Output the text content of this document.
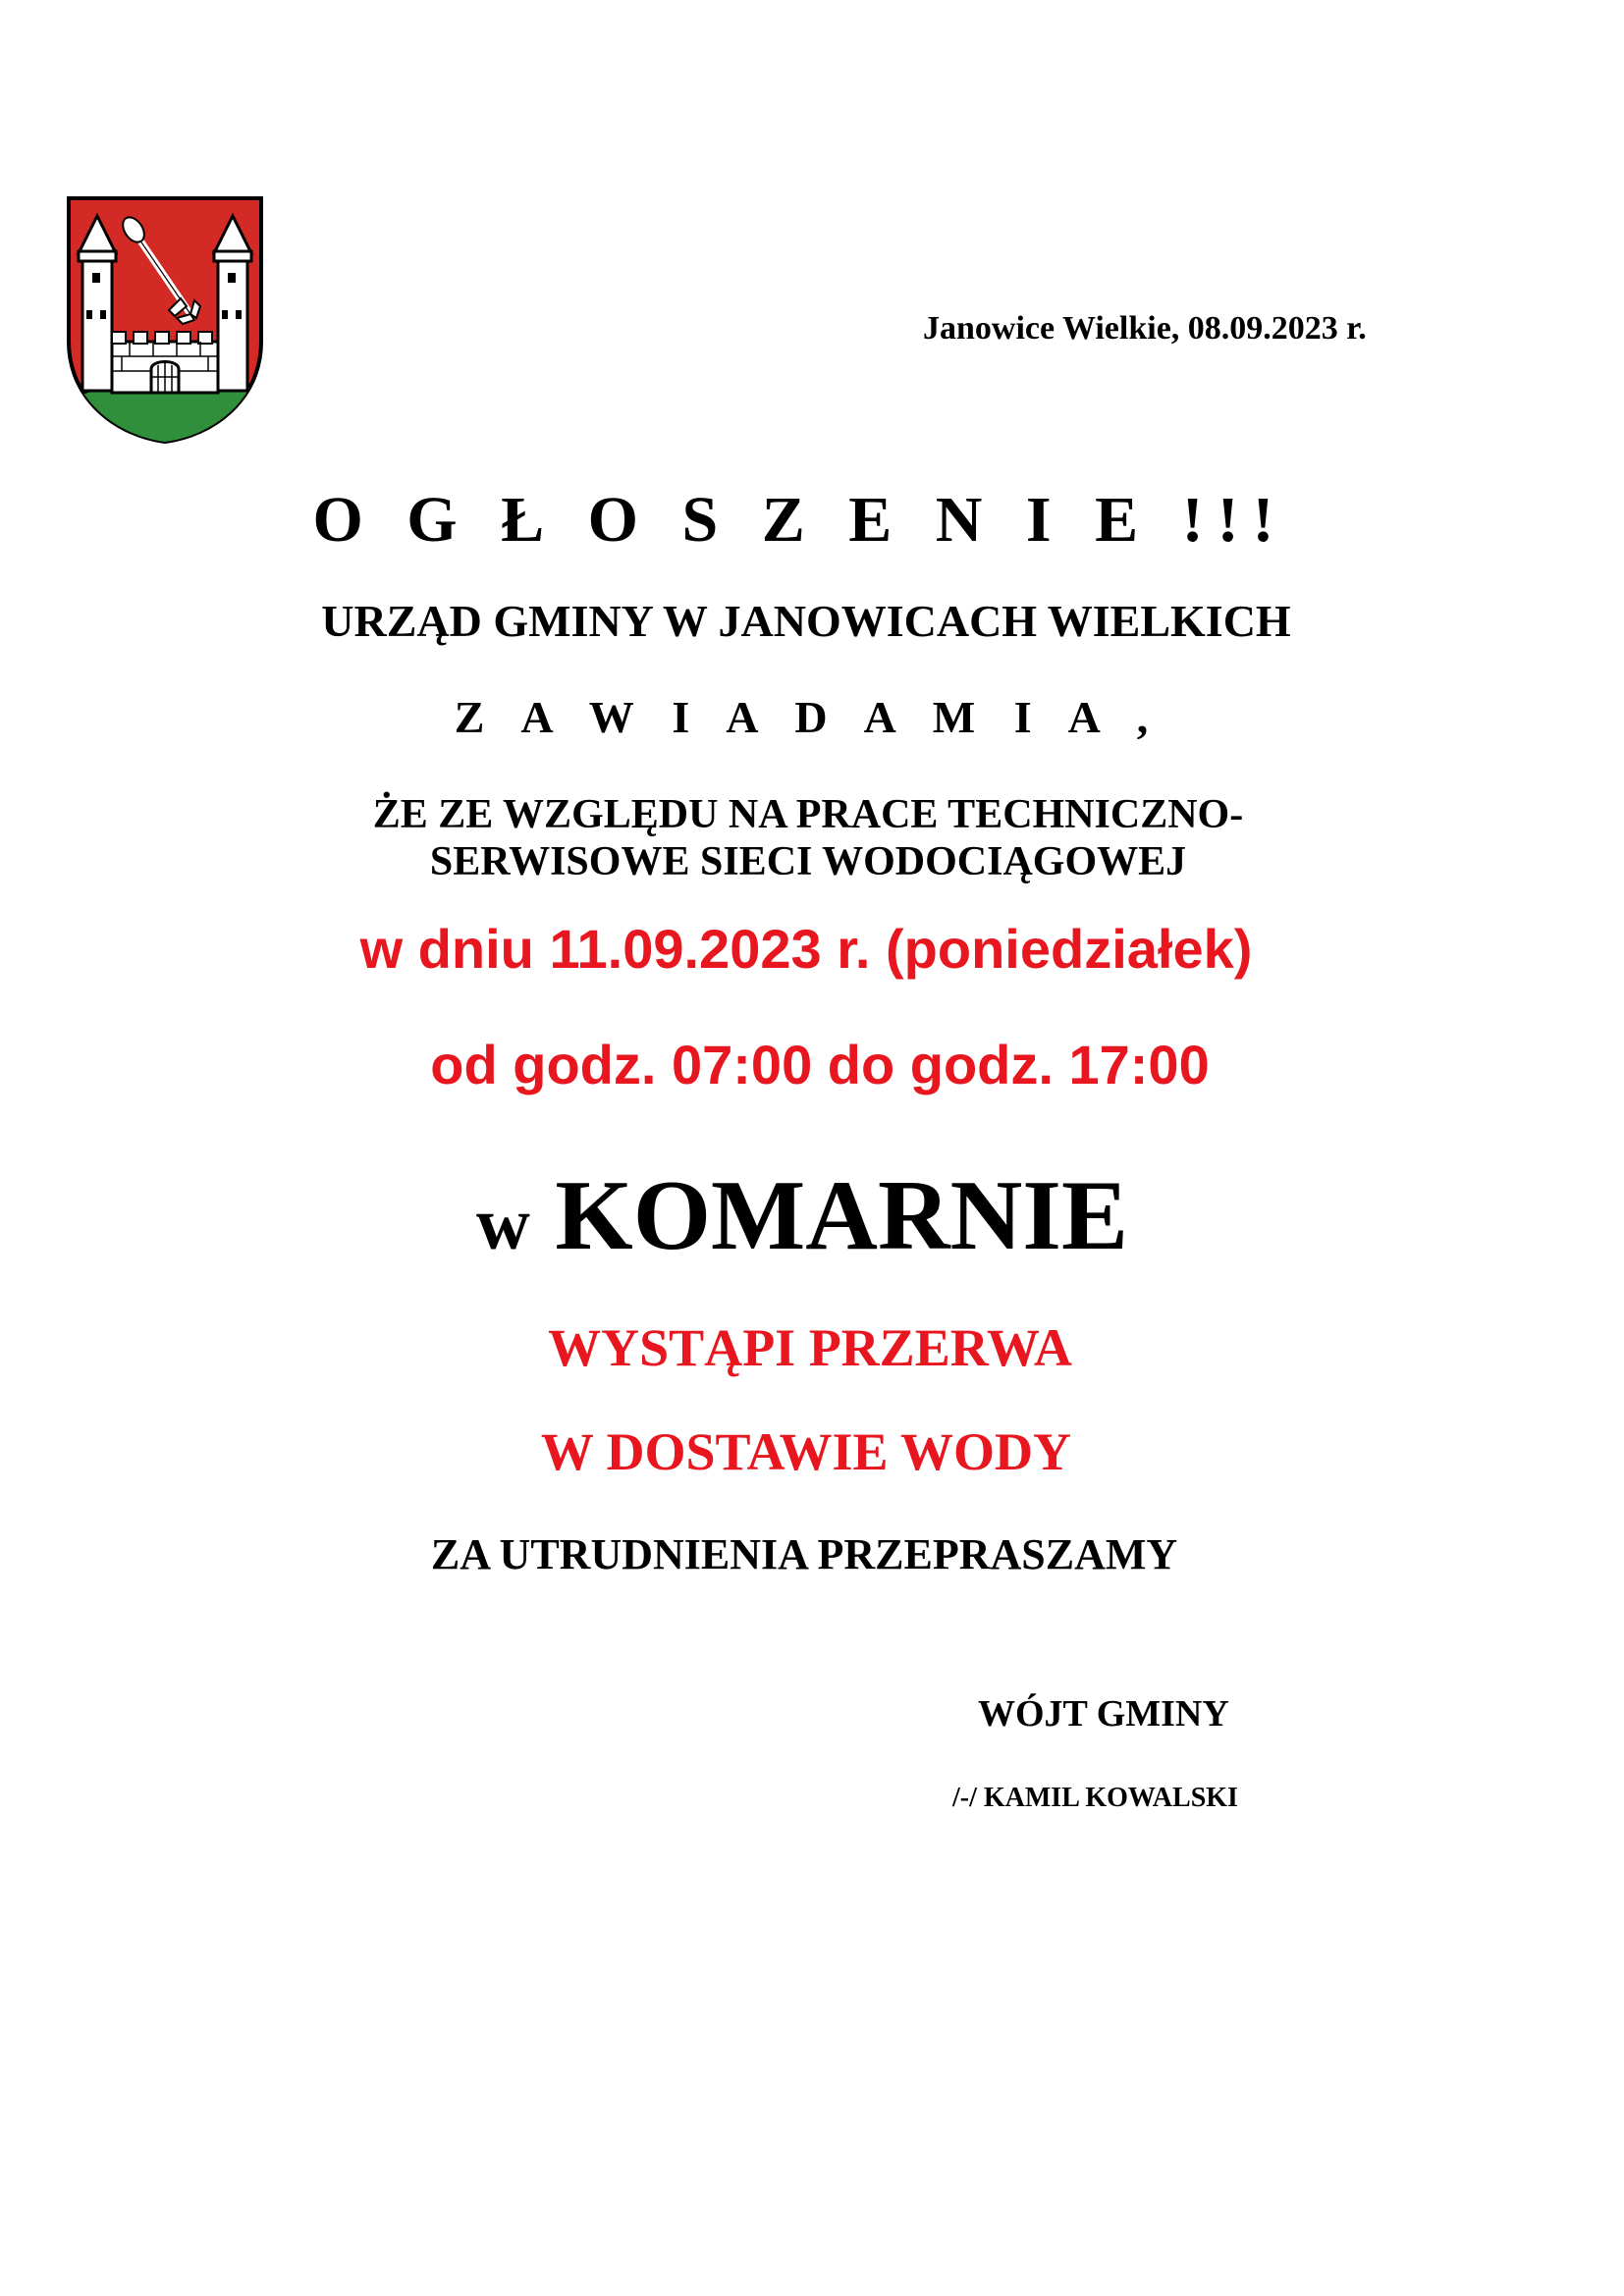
Janowice Wielkie, 08.09.2023 r.
O G Ł O S Z E N I E !!!
URZĄD GMINY W JANOWICACH WIELKICH
Z A W I A D A M I A ,
ŻE ZE WZGLĘDU NA PRACE TECHNICZNO-
SERWISOWE SIECI WODOCIĄGOWEJ
w dniu 11.09.2023 r. (poniedziałek)
od godz. 07:00 do godz. 17:00
w KOMARNIE
WYSTĄPI PRZERWA
W DOSTAWIE WODY
ZA UTRUDNIENIA PRZEPRASZAMY
WÓJT GMINY
/-/ KAMIL KOWALSKI
